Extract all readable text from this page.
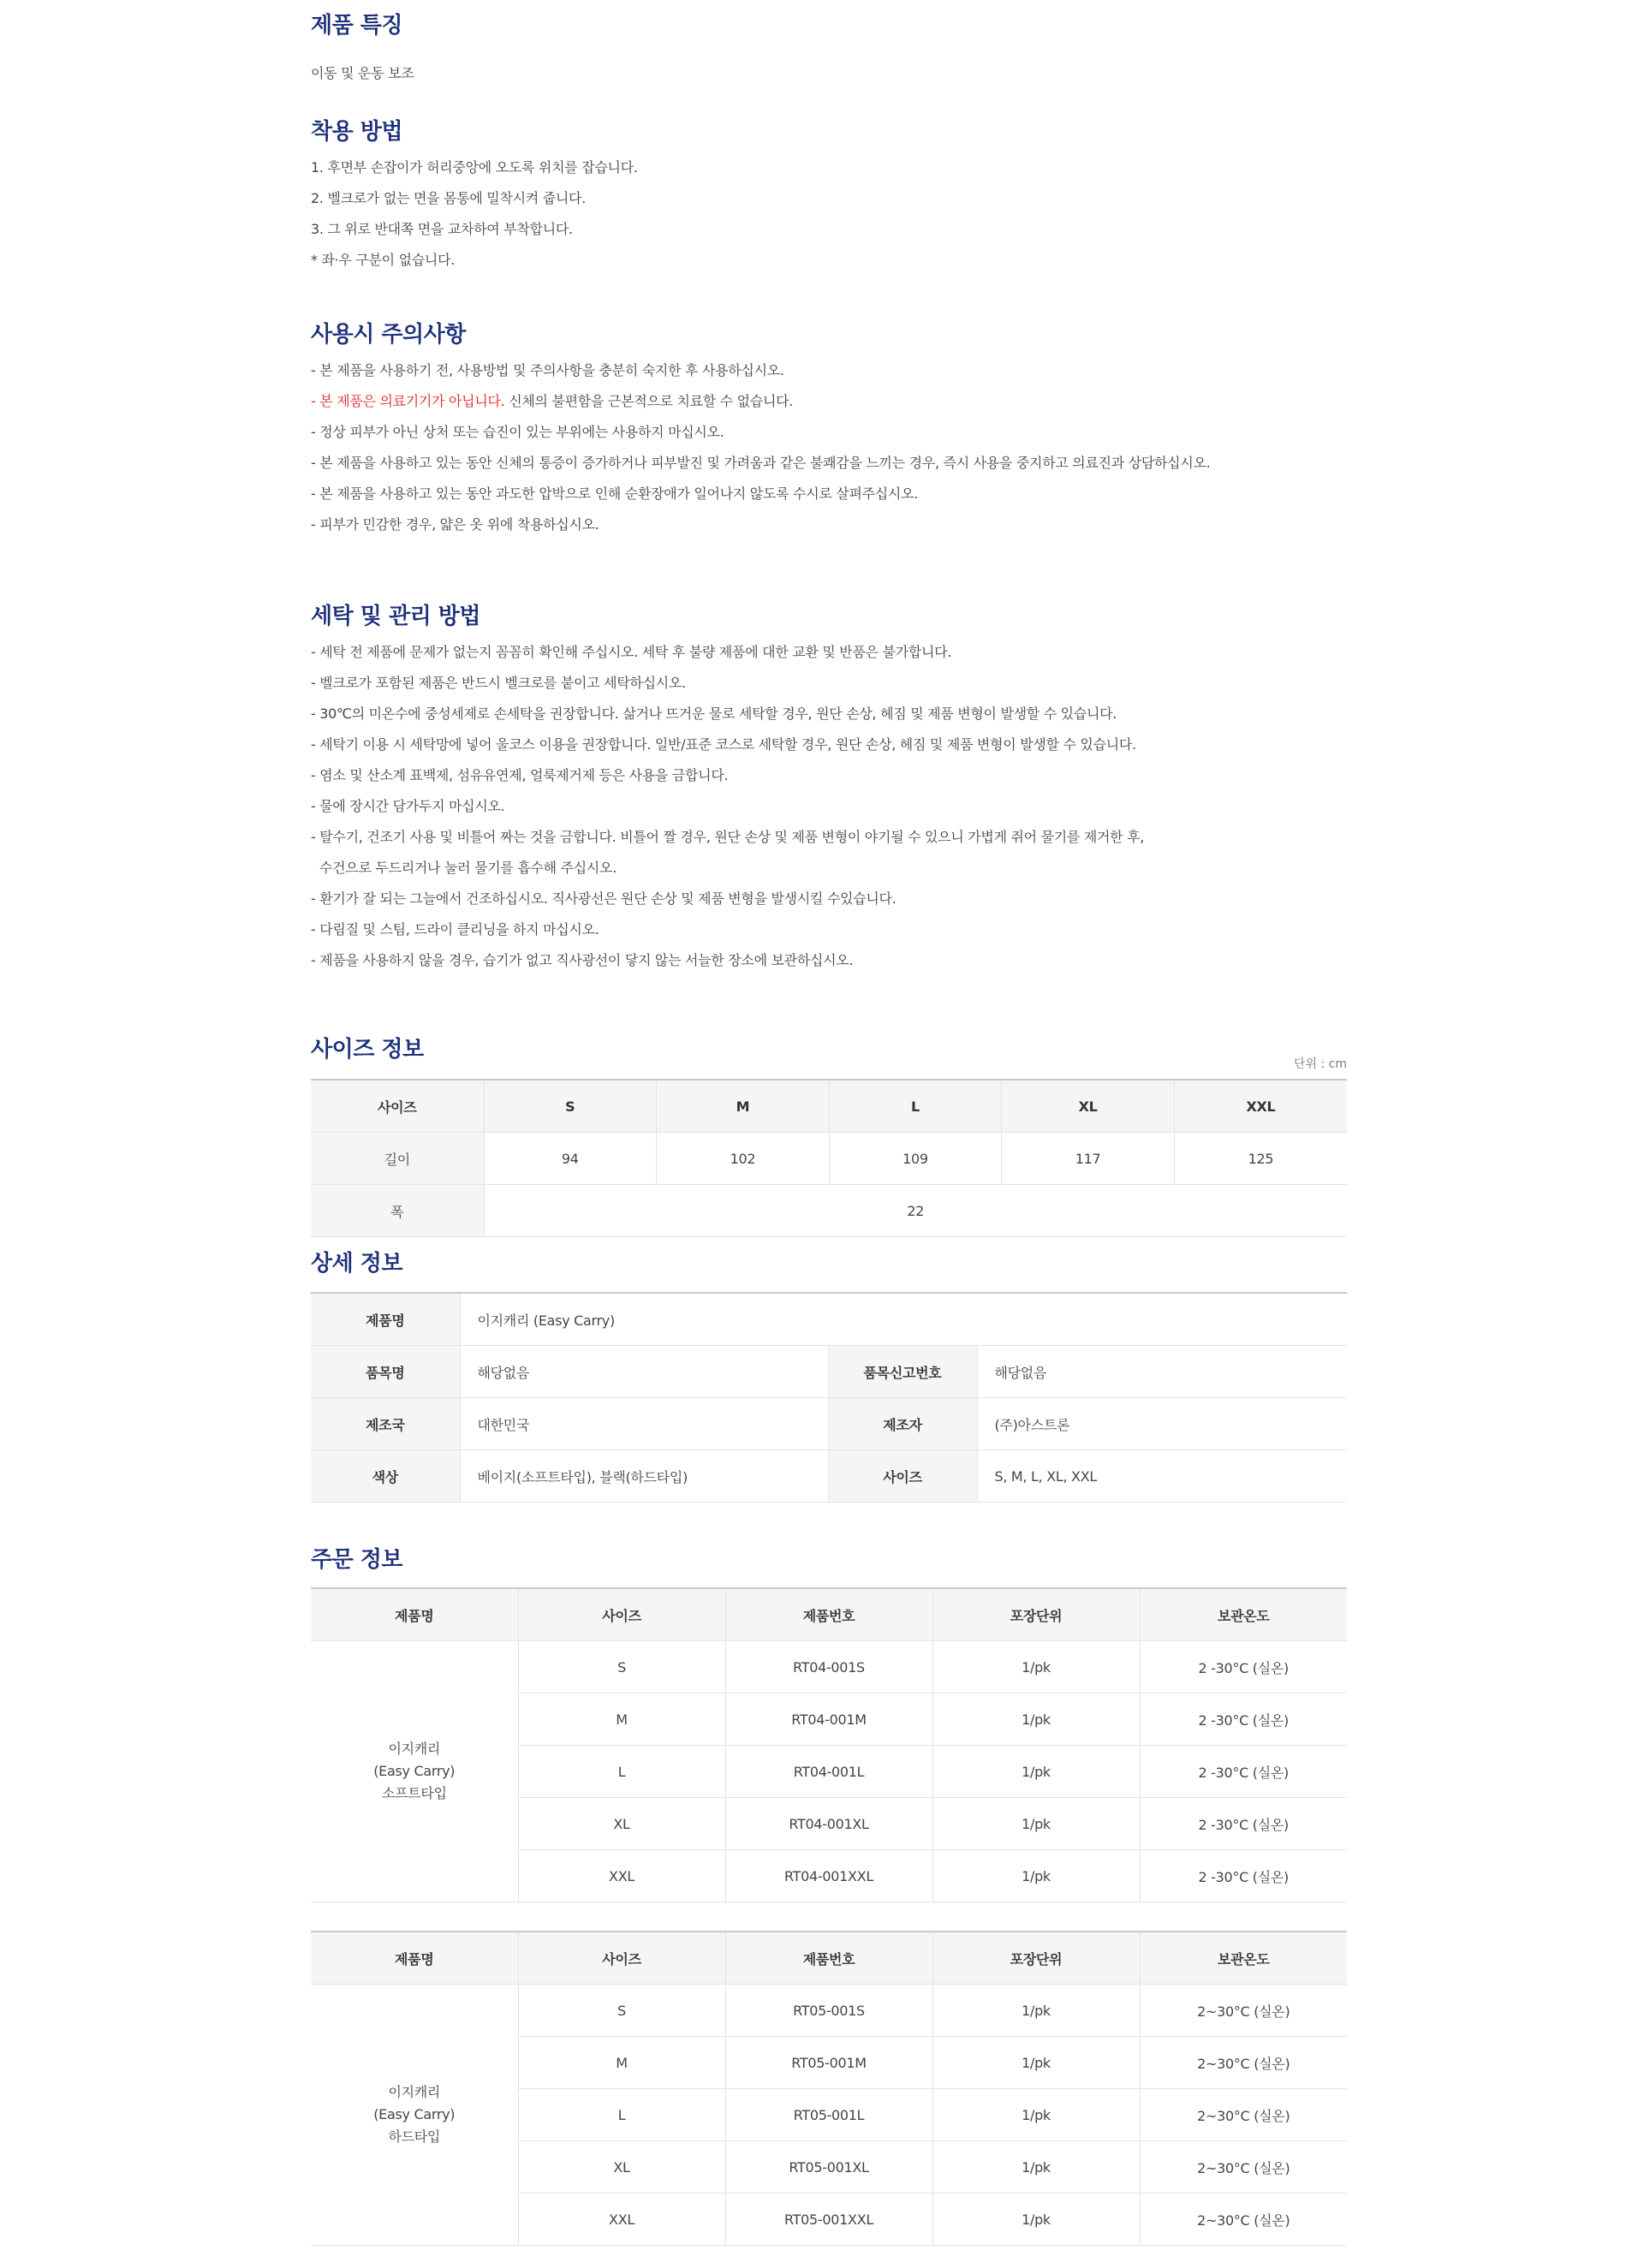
제품 특징

이동 및 운동 보조

착용 방법

1. 후면부 손잡이가 허리중앙에 오도록 위치를 잡습니다.

2. 벨크로가 없는 면을 몸통에 밀착시켜 줍니다.

3. 그 위로 반대쪽 면을 교차하여 부착합니다.

* 좌·우 구분이 없습니다.

사용시 주의사항

- 본 제품을 사용하기 전, 사용방법 및 주의사항을 충분히 숙지한 후 사용하십시오.

- 본 제품은 의료기기가 아닙니다. 신체의 불편함을 근본적으로 치료할 수 없습니다.

- 정상 피부가 아닌 상처 또는 습진이 있는 부위에는 사용하지 마십시오.

- 본 제품을 사용하고 있는 동안 신체의 통증이 증가하거나 피부발진 및 가려움과 같은 불쾌감을 느끼는 경우, 즉시 사용을 중지하고 의료진과 상담하십시오.

- 본 제품을 사용하고 있는 동안 과도한 압박으로 인해 순환장애가 일어나지 않도록 수시로 살펴주십시오.

- 피부가 민감한 경우, 얇은 옷 위에 착용하십시오.

세탁 및 관리 방법

- 세탁 전 제품에 문제가 없는지 꼼꼼히 확인해 주십시오. 세탁 후 불량 제품에 대한 교환 및 반품은 불가합니다.

- 벨크로가 포함된 제품은 반드시 벨크로를 붙이고 세탁하십시오.

- 30℃의 미온수에 중성세제로 손세탁을 권장합니다. 삶거나 뜨거운 물로 세탁할 경우, 원단 손상, 헤짐 및 제품 변형이 발생할 수 있습니다.

- 세탁기 이용 시 세탁망에 넣어 울코스 이용을 권장합니다. 일반/표준 코스로 세탁할 경우, 원단 손상, 헤짐 및 제품 변형이 발생할 수 있습니다.

- 염소 및 산소계 표백제, 섬유유연제, 얼룩제거제 등은 사용을 금합니다.

- 물에 장시간 담가두지 마십시오.

- 탈수기, 건조기 사용 및 비틀어 짜는 것을 금합니다. 비틀어 짤 경우, 원단 손상 및 제품 변형이 야기될 수 있으니 가볍게 쥐어 물기를 제거한 후,

수건으로 두드리거나 눌러 물기를 흡수해 주십시오.

- 환기가 잘 되는 그늘에서 건조하십시오. 직사광선은 원단 손상 및 제품 변형을 발생시킬 수있습니다.

- 다림질 및 스팀, 드라이 클리닝을 하지 마십시오.

- 제품을 사용하지 않을 경우, 습기가 없고 직사광선이 닿지 않는 서늘한 장소에 보관하십시오.

사이즈 정보
단위 : cm
사이즈	S	M	L	XL	XXL
길이	94	102	109	117	125
폭	22				
상세 정보
제품명	이지캐리 (Easy Carry)		
품목명	해당없음	품목신고번호	해당없음
제조국	대한민국	제조자	(주)아스트론
색상	베이지(소프트타입), 블랙(하드타입)	사이즈	S, M, L, XL, XXL
주문 정보
제품명	사이즈	제품번호	포장단위	보관온도

이지캐리
(Easy Carry)
소프트타입	S	RT04-001S	1/pk	2 -30°C (실온)
	M	RT04-001M	1/pk	2 -30°C (실온)
	L	RT04-001L	1/pk	2 -30°C (실온)
	XL	RT04-001XL	1/pk	2 -30°C (실온)
	XXL	RT04-001XXL	1/pk	2 -30°C (실온)
제품명	사이즈	제품번호	포장단위	보관온도

이지캐리
(Easy Carry)
하드타입	S	RT05-001S	1/pk	2~30°C (실온)
	M	RT05-001M	1/pk	2~30°C (실온)
	L	RT05-001L	1/pk	2~30°C (실온)
	XL	RT05-001XL	1/pk	2~30°C (실온)
	XXL	RT05-001XXL	1/pk	2~30°C (실온)
